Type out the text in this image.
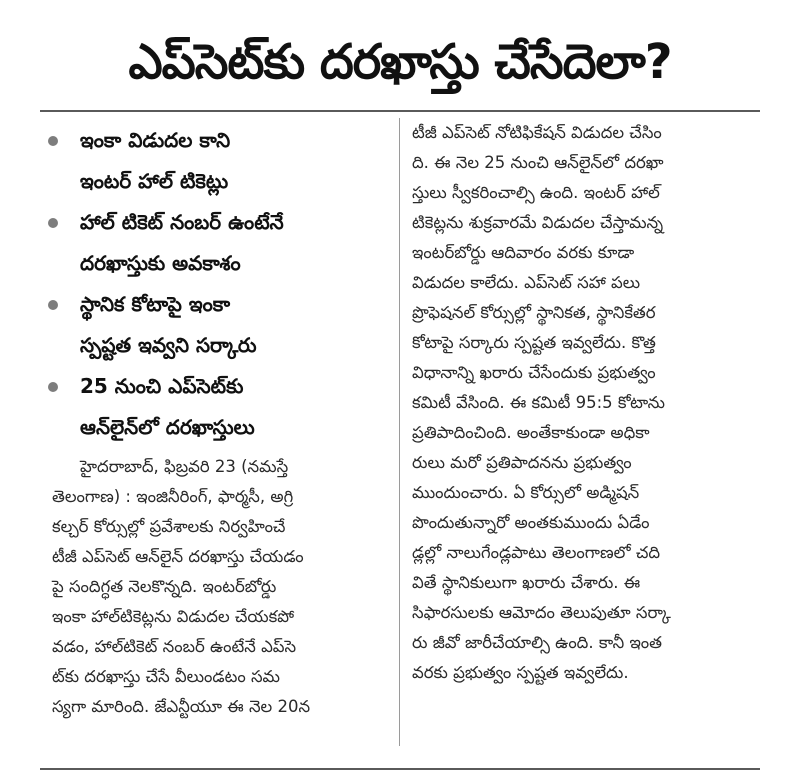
ఎప్‌సెట్‌కు దరఖాస్తు చేసేదెలా?
ఇంకా విడుదల కాని
ఇంటర్ హాల్ టికెట్లు
హాల్ టికెట్ నంబర్ ఉంటేనే
దరఖాస్తుకు అవకాశం
స్థానిక కోటాపై ఇంకా
స్పష్టత ఇవ్వని సర్కారు
25 నుంచి ఎప్‌సెట్‌కు
ఆన్‌లైన్‌లో దరఖాస్తులు
హైదరాబాద్, ఫిబ్రవరి 23 (నమస్తే
తెలంగాణ) : ఇంజినీరింగ్, ఫార్మసీ, అగ్రి
కల్చర్ కోర్సుల్లో ప్రవేశాలకు నిర్వహించే
టీజీ ఎప్‌సెట్ ఆన్‌లైన్ దరఖాస్తు చేయడం
పై సందిగ్ధత నెలకొన్నది. ఇంటర్‌బోర్డు
ఇంకా హాల్‌టికెట్లను విడుదల చేయకపో
వడం, హాల్‌టికెట్ నంబర్ ఉంటేనే ఎప్‌సె
ట్‌కు దరఖాస్తు చేసే వీలుండటం సమ
స్యగా మారింది. జేఎన్టీయూ ఈ నెల 20న
టీజీ ఎప్‌సెట్ నోటిఫికేషన్ విడుదల చేసిం
ది. ఈ నెల 25 నుంచి ఆన్‌లైన్‌లో దరఖా
స్తులు స్వీకరించాల్సి ఉంది. ఇంటర్ హాల్
టికెట్లను శుక్రవారమే విడుదల చేస్తామన్న
ఇంటర్‌బోర్డు ఆదివారం వరకు కూడా
విడుదల కాలేదు. ఎప్‌సెట్ సహా పలు
ప్రొఫెషనల్ కోర్సుల్లో స్థానికత, స్థానికేతర
కోటాపై సర్కారు స్పష్టత ఇవ్వలేదు. కొత్త
విధానాన్ని ఖరారు చేసేందుకు ప్రభుత్వం
కమిటీ వేసింది. ఈ కమిటీ 95:5 కోటాను
ప్రతిపాదించింది. అంతేకాకుండా అధికా
రులు మరో ప్రతిపాదనను ప్రభుత్వం
ముందుంచారు. ఏ కోర్సులో అడ్మిషన్
పొందుతున్నారో అంతకుముందు ఏడేం
డ్లల్లో నాలుగేండ్లపాటు తెలంగాణలో చది
వితే స్థానికులుగా ఖరారు చేశారు. ఈ
సిఫారసులకు ఆమోదం తెలుపుతూ సర్కా
రు జీవో జారీచేయాల్సి ఉంది. కానీ ఇంత
వరకు ప్రభుత్వం స్పష్టత ఇవ్వలేదు.
